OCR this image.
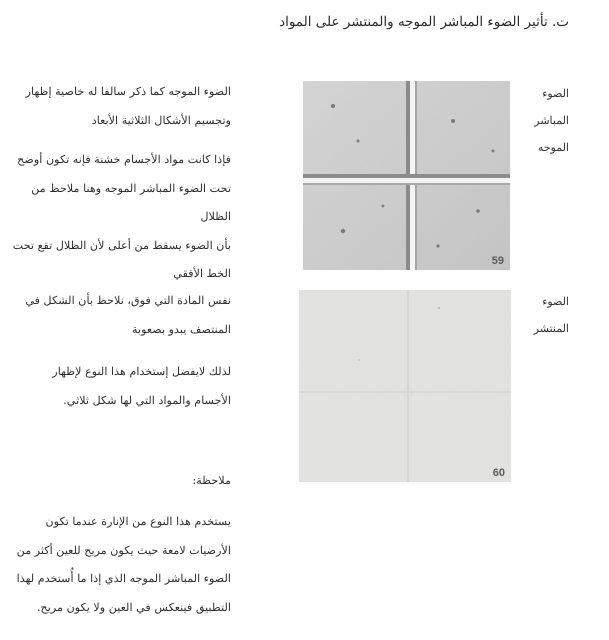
ت. تأثير الضوء المباشر الموجه والمنتشر على المواد
الضوء
المباشر
الموجه
59
الضوء الموجه كما ذكر سالفا له خاصية إظهار
وتجسيم الأشكال الثلاثية الأبعاد
فإذا كانت مواد الأجسام خشنة فإنه تكون أوضح
تحت الضوء المباشر الموجه وهنا ملاحظ من الظلال
بأن الضوء يسقط من أعلى لأن الظلال تقع تحت
الخط الأفقي
الضوء
المنتشر
60
نفس المادة التي فوق، نلاحظ بأن الشكل في
المنتصف يبدو بصعوبة
لذلك لايفضل إستخدام هذا النوع لإظهار
الأجسام والمواد التي لها شكل ثلاثي.
ملاحظة:
يستخدم هذا النوع من الإنارة عندما تكون
الأرضيات لامعة حيث يكون مريح للعين أكثر من
الضوء المباشر الموجه الذي إذا ما أُستخدم لهذا
التطبيق فينعكس في العين ولا يكون مريح.
